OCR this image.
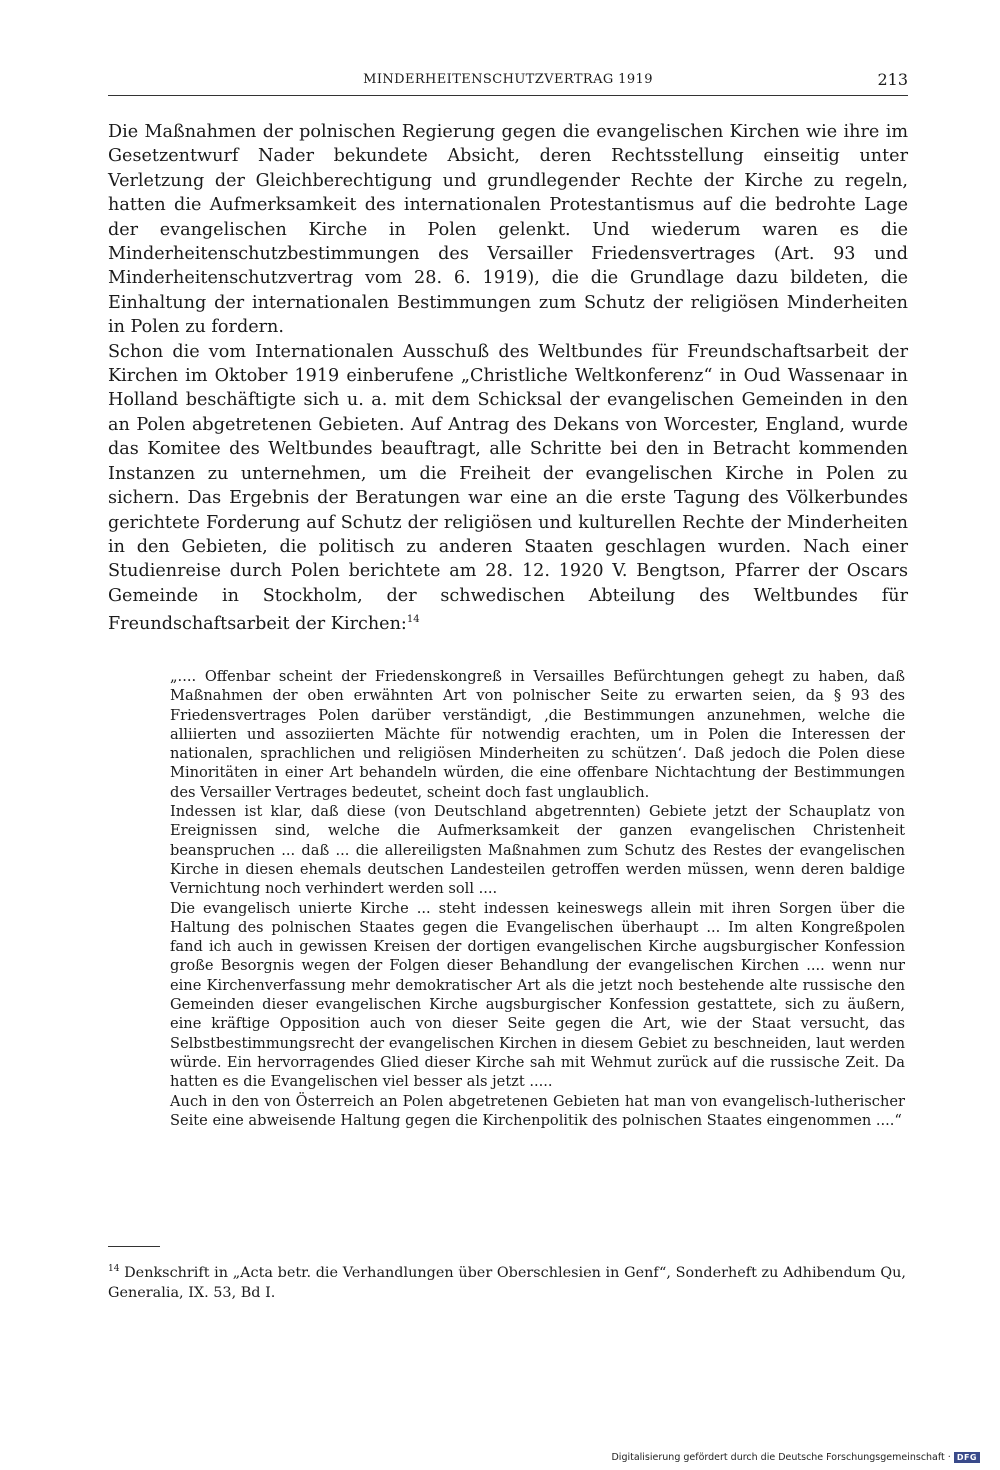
MINDERHEITENSCHUTZVERTRAG 1919	213

Die Maßnahmen der polnischen Regierung gegen die evangelischen Kirchen wie ihre im Gesetzentwurf Nader bekundete Absicht, deren Rechtsstellung einseitig unter Verletzung der Gleichberechtigung und grundlegender Rechte der Kirche zu regeln, hatten die Aufmerksamkeit des internationalen Protestantismus auf die bedrohte Lage der evangelischen Kirche in Polen gelenkt. Und wiederum waren es die Minderheitenschutzbestimmungen des Versailler Friedensvertrages (Art. 93 und Minderheitenschutzvertrag vom 28. 6. 1919), die die Grundlage dazu bildeten, die Einhaltung der internationalen Bestimmungen zum Schutz der religiösen Minderheiten in Polen zu fordern.

Schon die vom Internationalen Ausschuß des Weltbundes für Freundschaftsarbeit der Kirchen im Oktober 1919 einberufene „Christliche Weltkonferenz“ in Oud Wassenaar in Holland beschäftigte sich u. a. mit dem Schicksal der evangelischen Gemeinden in den an Polen abgetretenen Gebieten. Auf Antrag des Dekans von Worcester, England, wurde das Komitee des Weltbundes beauftragt, alle Schritte bei den in Betracht kommenden Instanzen zu unternehmen, um die Freiheit der evangelischen Kirche in Polen zu sichern. Das Ergebnis der Beratungen war eine an die erste Tagung des Völkerbundes gerichtete Forderung auf Schutz der religiösen und kulturellen Rechte der Minderheiten in den Gebieten, die politisch zu anderen Staaten geschlagen wurden. Nach einer Studienreise durch Polen berichtete am 28. 12. 1920 V. Bengtson, Pfarrer der Oscars Gemeinde in Stockholm, der schwedischen Abteilung des Weltbundes für Freundschaftsarbeit der Kirchen:$^{14}$

„.... Offenbar scheint der Friedenskongreß in Versailles Befürchtungen gehegt zu haben, daß Maßnahmen der oben erwähnten Art von polnischer Seite zu erwarten seien, da § 93 des Friedensvertrages Polen darüber verständigt, ‚die Bestimmungen anzunehmen, welche die alliierten und assoziierten Mächte für notwendig erachten, um in Polen die Interessen der nationalen, sprachlichen und religiösen Minderheiten zu schützen‘. Daß jedoch die Polen diese Minoritäten in einer Art behandeln würden, die eine offenbare Nichtachtung der Bestimmungen des Versailler Vertrages bedeutet, scheint doch fast unglaublich.

Indessen ist klar, daß diese (von Deutschland abgetrennten) Gebiete jetzt der Schauplatz von Ereignissen sind, welche die Aufmerksamkeit der ganzen evangelischen Christenheit beanspruchen ... daß ... die allereiligsten Maßnahmen zum Schutz des Restes der evangelischen Kirche in diesen ehemals deutschen Landesteilen getroffen werden müssen, wenn deren baldige Vernichtung noch verhindert werden soll ....

Die evangelisch unierte Kirche ... steht indessen keineswegs allein mit ihren Sorgen über die Haltung des polnischen Staates gegen die Evangelischen überhaupt ... Im alten Kongreßpolen fand ich auch in gewissen Kreisen der dortigen evangelischen Kirche augsburgischer Konfession große Besorgnis wegen der Folgen dieser Behandlung der evangelischen Kirchen .... wenn nur eine Kirchenverfassung mehr demokratischer Art als die jetzt noch bestehende alte russische den Gemeinden dieser evangelischen Kirche augsburgischer Konfession gestattete, sich zu äußern, eine kräftige Opposition auch von dieser Seite gegen die Art, wie der Staat versucht, das Selbstbestimmungsrecht der evangelischen Kirchen in diesem Gebiet zu beschneiden, laut werden würde. Ein hervorragendes Glied dieser Kirche sah mit Wehmut zurück auf die russische Zeit. Da hatten es die Evangelischen viel besser als jetzt .....

Auch in den von Österreich an Polen abgetretenen Gebieten hat man von evangelisch-lutherischer Seite eine abweisende Haltung gegen die Kirchenpolitik des polnischen Staates eingenommen ....“

$^{14}$ Denkschrift in „Acta betr. die Verhandlungen über Oberschlesien in Genf“, Sonderheft zu Adhibendum Qu, Generalia, IX. 53, Bd I.
Digitalisierung gefördert durch die Deutsche Forschungsgemeinschaft · DFG
